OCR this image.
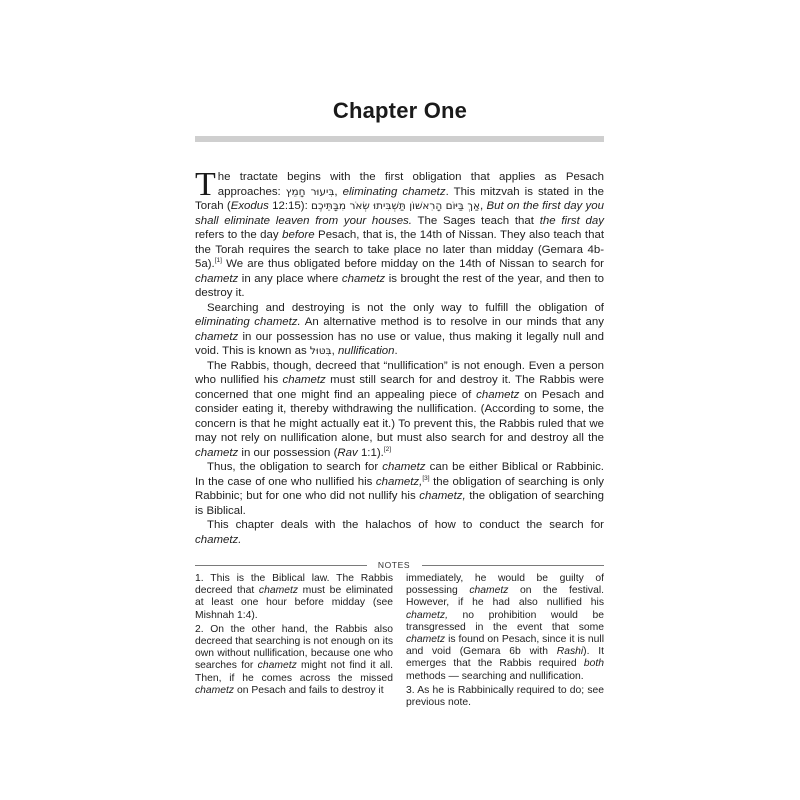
Chapter One

The tractate begins with the first obligation that applies as Pesach approaches: בִּיעוּר חָמֵץ, eliminating chametz. This mitzvah is stated in the Torah (Exodus 12:15): אַךְ בַּיּוֹם הָרִאשׁוֹן תַּשְׁבִּיתוּ שְׂאֹר מִבָּתֵּיכֶם, But on the first day you shall eliminate leaven from your houses. The Sages teach that the first day refers to the day before Pesach, that is, the 14th of Nissan. They also teach that the Torah requires the search to take place no later than midday (Gemara 4b-5a).[1] We are thus obligated before midday on the 14th of Nissan to search for chametz in any place where chametz is brought the rest of the year, and then to destroy it.

Searching and destroying is not the only way to fulfill the obligation of eliminating chametz. An alternative method is to resolve in our minds that any chametz in our possession has no use or value, thus making it legally null and void. This is known as בִּטּוּל, nullification.

The Rabbis, though, decreed that “nullification” is not enough. Even a person who nullified his chametz must still search for and destroy it. The Rabbis were concerned that one might find an appealing piece of chametz on Pesach and consider eating it, thereby withdrawing the nullification. (According to some, the concern is that he might actually eat it.) To prevent this, the Rabbis ruled that we may not rely on nullification alone, but must also search for and destroy all the chametz in our possession (Rav 1:1).[2]

Thus, the obligation to search for chametz can be either Biblical or Rabbinic. In the case of one who nullified his chametz,[3] the obligation of searching is only Rabbinic; but for one who did not nullify his chametz, the obligation of searching is Biblical.

This chapter deals with the halachos of how to conduct the search for chametz.

NOTES

1. This is the Biblical law. The Rabbis decreed that chametz must be eliminated at least one hour before midday (see Mishnah 1:4).

2. On the other hand, the Rabbis also decreed that searching is not enough on its own without nullification, because one who searches for chametz might not find it all. Then, if he comes across the missed chametz on Pesach and fails to destroy it

immediately, he would be guilty of possessing chametz on the festival. However, if he had also nullified his chametz, no prohibition would be transgressed in the event that some chametz is found on Pesach, since it is null and void (Gemara 6b with Rashi). It emerges that the Rabbis required both methods — searching and nullification.

3. As he is Rabbinically required to do; see previous note.
